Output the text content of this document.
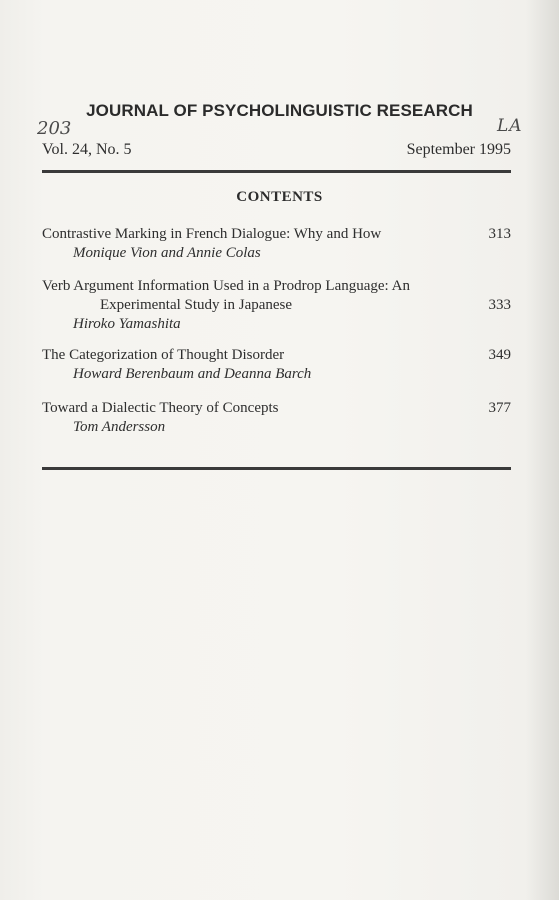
JOURNAL OF PSYCHOLINGUISTIC RESEARCH
203	LA
Vol. 24, No. 5	September 1995
CONTENTS
Contrastive Marking in French Dialogue: Why and How
Monique Vion and Annie Colas
313
Verb Argument Information Used in a Prodrop Language: An
Experimental Study in Japanese
Hiroko Yamashita
333
The Categorization of Thought Disorder
Howard Berenbaum and Deanna Barch
349
Toward a Dialectic Theory of Concepts
Tom Andersson
377
